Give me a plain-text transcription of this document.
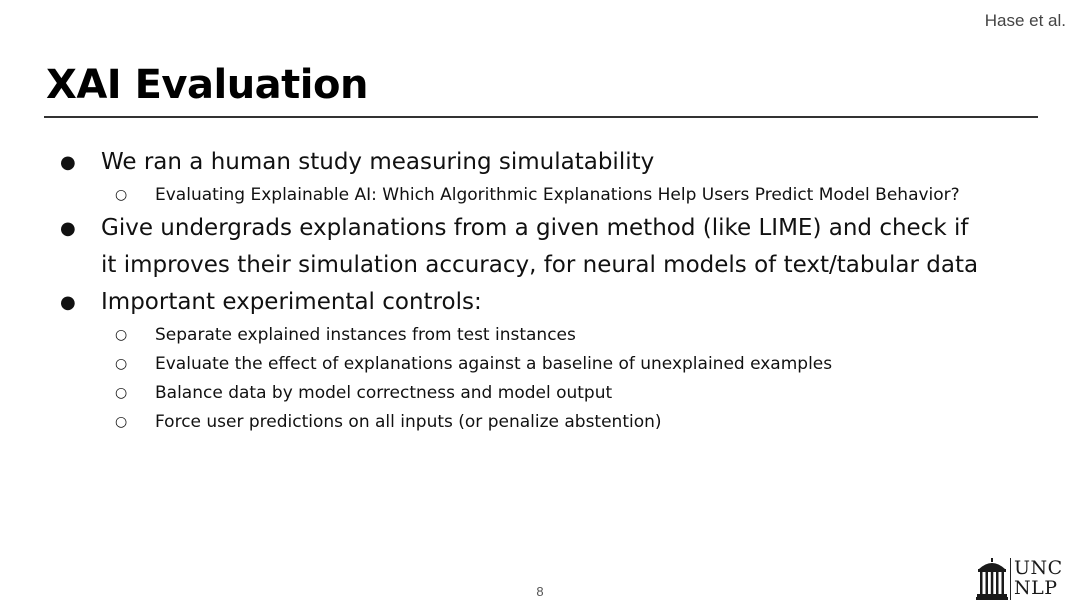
Hase et al.
XAI Evaluation
● We ran a human study measuring simulatability
○ Evaluating Explainable AI: Which Algorithmic Explanations Help Users Predict Model Behavior?
● Give undergrads explanations from a given method (like LIME) and check if it improves their simulation accuracy, for neural models of text/tabular data
● Important experimental controls:
○ Separate explained instances from test instances
○ Evaluate the effect of explanations against a baseline of unexplained examples
○ Balance data by model correctness and model output
○ Force user predictions on all inputs (or penalize abstention)
8
UNC
NLP
